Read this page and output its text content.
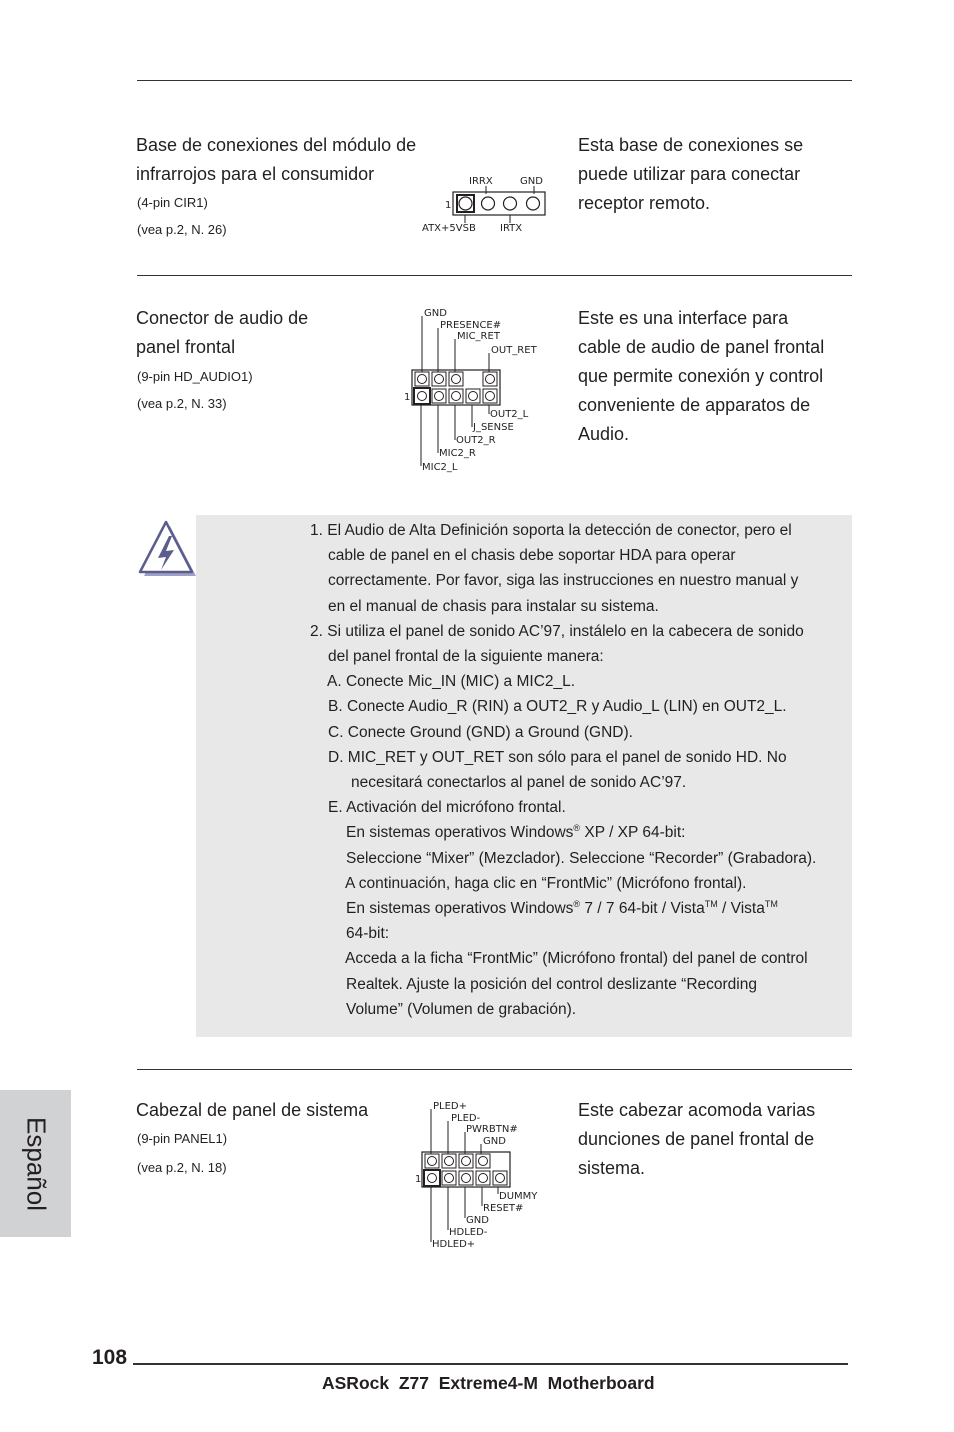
Base de conexiones del módulo de
infrarrojos para el consumidor
(4-pin CIR1)
(vea p.2, N. 26)
IRRX	GND
1
ATX+5VSB IRTX
Esta base de conexiones se
puede utilizar para conectar
receptor remoto.
Conector de audio de
panel frontal
(9-pin HD_AUDIO1)
(vea p.2, N. 33)
GND
PRESENCE#
MIC_RET
OUT_RET
1
OUT2_L
J_SENSE
OUT2_R
MIC2_R
MIC2_L
Este es una interface para
cable de audio de panel frontal
que permite conexión y control
conveniente de apparatos de
Audio.
1. El Audio de Alta Definición soporta la detección de conector, pero el
cable de panel en el chasis debe soportar HDA para operar
correctamente. Por favor, siga las instrucciones en nuestro manual y
en el manual de chasis para instalar su sistema.
2. Si utiliza el panel de sonido AC’97, instálelo en la cabecera de sonido
del panel frontal de la siguiente manera:
A. Conecte Mic_IN (MIC) a MIC2_L.
B. Conecte Audio_R (RIN) a OUT2_R y Audio_L (LIN) en OUT2_L.
C. Conecte Ground (GND) a Ground (GND).
D. MIC_RET y OUT_RET son sólo para el panel de sonido HD. No
necesitará conectarlos al panel de sonido AC’97.
E. Activación del micrófono frontal.
En sistemas operativos Windows® XP / XP 64-bit:
Seleccione “Mixer” (Mezclador). Seleccione “Recorder” (Grabadora).
A continuación, haga clic en “FrontMic” (Micrófono frontal).
En sistemas operativos Windows® 7 / 7 64-bit / Vista™ / Vista™
64-bit:
Acceda a la ficha “FrontMic” (Micrófono frontal) del panel de control
Realtek. Ajuste la posición del control deslizante “Recording
Volume” (Volumen de grabación).
Cabezal de panel de sistema
(9-pin PANEL1)
(vea p.2, N. 18)
PLED+
PLED-
PWRBTN#
GND
1
DUMMY
RESET#
GND
HDLED-
HDLED+
Este cabezar acomoda varias
dunciones de panel frontal de
sistema.
Español
108
ASRock  Z77  Extreme4-M  Motherboard
